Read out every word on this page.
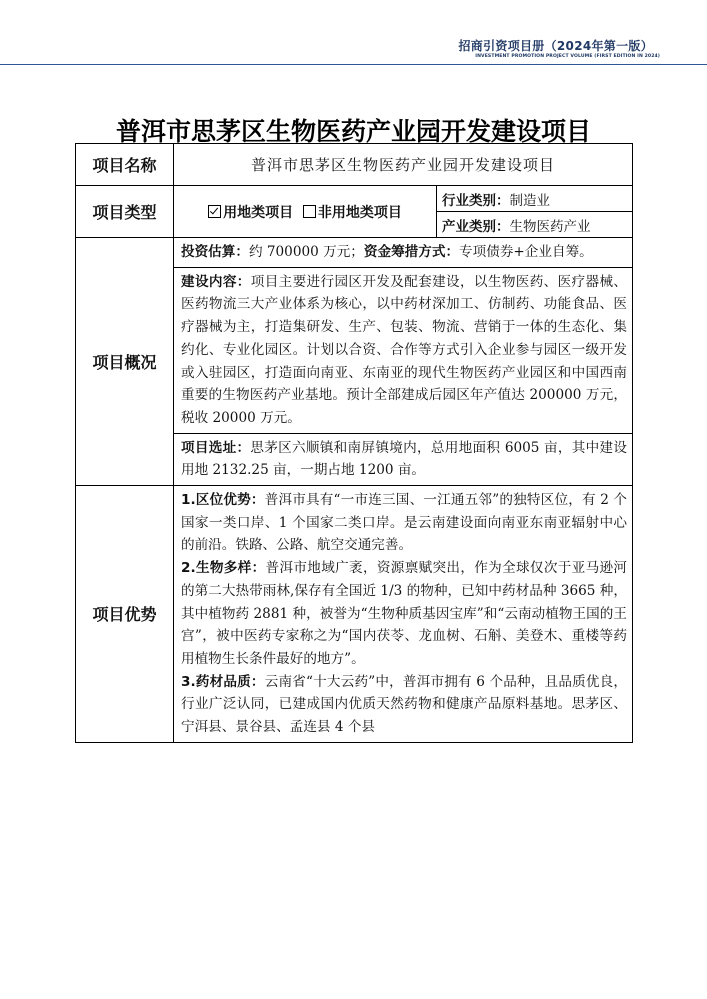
招商引资项目册（2024年第一版）
INVESTMENT PROMOTION PROJECT VOLUME (FIRST EDITION IN 2024)
普洱市思茅区生物医药产业园开发建设项目
项目名称	普洱市思茅区生物医药产业园开发建设项目	
项目类型	用地类项目 非用地类项目	行业类别：制造业
		产业类别：生物医药产业
项目概况	投资估算：约 700000 万元；资金筹措方式：专项债券+企业自筹。	
	建设内容：项目主要进行园区开发及配套建设，以生物医药、医疗器械、医药物流三大产业体系为核心，以中药材深加工、仿制药、功能食品、医疗器械为主，打造集研发、生产、包装、物流、营销于一体的生态化、集约化、专业化园区。计划以合资、合作等方式引入企业参与园区一级开发或入驻园区，打造面向南亚、东南亚的现代生物医药产业园区和中国西南重要的生物医药产业基地。预计全部建成后园区年产值达 200000 万元，税收 20000 万元。	
	项目选址：思茅区六顺镇和南屏镇境内，总用地面积 6005 亩，其中建设用地 2132.25 亩，一期占地 1200 亩。	
项目优势	1.区位优势：普洱市具有“一市连三国、一江通五邻”的独特区位，有 2 个国家一类口岸、1 个国家二类口岸。是云南建设面向南亚东南亚辐射中心的前沿。铁路、公路、航空交通完善。

2.生物多样：普洱市地域广袤，资源禀赋突出，作为全球仅次于亚马逊河的第二大热带雨林,保存有全国近 1/3 的物种，已知中药材品种 3665 种，其中植物药 2881 种，被誉为“生物种质基因宝库”和“云南动植物王国的王宫”，被中医药专家称之为“国内茯苓、龙血树、石斛、美登木、重楼等药用植物生长条件最好的地方”。

3.药材品质：云南省“十大云药”中，普洱市拥有 6 个品种，且品质优良，行业广泛认同，已建成国内优质天然药物和健康产品原料基地。思茅区、宁洱县、景谷县、孟连县 4 个县	
